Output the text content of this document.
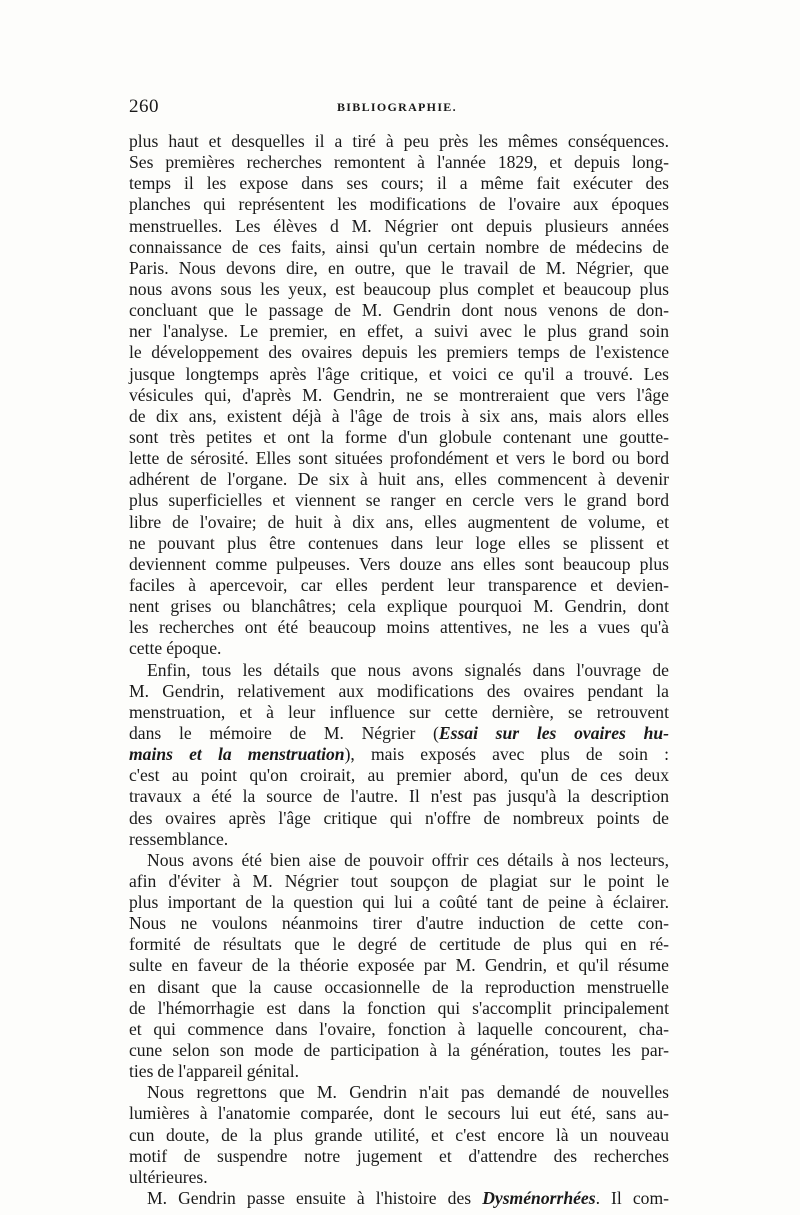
260	BIBLIOGRAPHIE.
plus haut et desquelles il a tiré à peu près les mêmes conséquences.
Ses premières recherches remontent à l'année 1829, et depuis long-
temps il les expose dans ses cours; il a même fait exécuter des
planches qui représentent les modifications de l'ovaire aux époques
menstruelles. Les élèves d M. Négrier ont depuis plusieurs années
connaissance de ces faits, ainsi qu'un certain nombre de médecins de
Paris. Nous devons dire, en outre, que le travail de M. Négrier, que
nous avons sous les yeux, est beaucoup plus complet et beaucoup plus
concluant que le passage de M. Gendrin dont nous venons de don-
ner l'analyse. Le premier, en effet, a suivi avec le plus grand soin
le développement des ovaires depuis les premiers temps de l'existence
jusque longtemps après l'âge critique, et voici ce qu'il a trouvé. Les
vésicules qui, d'après M. Gendrin, ne se montreraient que vers l'âge
de dix ans, existent déjà à l'âge de trois à six ans, mais alors elles
sont très petites et ont la forme d'un globule contenant une goutte-
lette de sérosité. Elles sont situées profondément et vers le bord ou bord
adhérent de l'organe. De six à huit ans, elles commencent à devenir
plus superficielles et viennent se ranger en cercle vers le grand bord
libre de l'ovaire; de huit à dix ans, elles augmentent de volume, et
ne pouvant plus être contenues dans leur loge elles se plissent et
deviennent comme pulpeuses. Vers douze ans elles sont beaucoup plus
faciles à apercevoir, car elles perdent leur transparence et devien-
nent grises ou blanchâtres; cela explique pourquoi M. Gendrin, dont
les recherches ont été beaucoup moins attentives, ne les a vues qu'à
cette époque.
Enfin, tous les détails que nous avons signalés dans l'ouvrage de
M. Gendrin, relativement aux modifications des ovaires pendant la
menstruation, et à leur influence sur cette dernière, se retrouvent
dans le mémoire de M. Négrier (Essai sur les ovaires hu-
mains et la menstruation), mais exposés avec plus de soin :
c'est au point qu'on croirait, au premier abord, qu'un de ces deux
travaux a été la source de l'autre. Il n'est pas jusqu'à la description
des ovaires après l'âge critique qui n'offre de nombreux points de
ressemblance.
Nous avons été bien aise de pouvoir offrir ces détails à nos lecteurs,
afin d'éviter à M. Négrier tout soupçon de plagiat sur le point le
plus important de la question qui lui a coûté tant de peine à éclairer.
Nous ne voulons néanmoins tirer d'autre induction de cette con-
formité de résultats que le degré de certitude de plus qui en ré-
sulte en faveur de la théorie exposée par M. Gendrin, et qu'il résume
en disant que la cause occasionnelle de la reproduction menstruelle
de l'hémorrhagie est dans la fonction qui s'accomplit principalement
et qui commence dans l'ovaire, fonction à laquelle concourent, cha-
cune selon son mode de participation à la génération, toutes les par-
ties de l'appareil génital.
Nous regrettons que M. Gendrin n'ait pas demandé de nouvelles
lumières à l'anatomie comparée, dont le secours lui eut été, sans au-
cun doute, de la plus grande utilité, et c'est encore là un nouveau
motif de suspendre notre jugement et d'attendre des recherches
ultérieures.
M. Gendrin passe ensuite à l'histoire des Dysménorrhées. Il com-
